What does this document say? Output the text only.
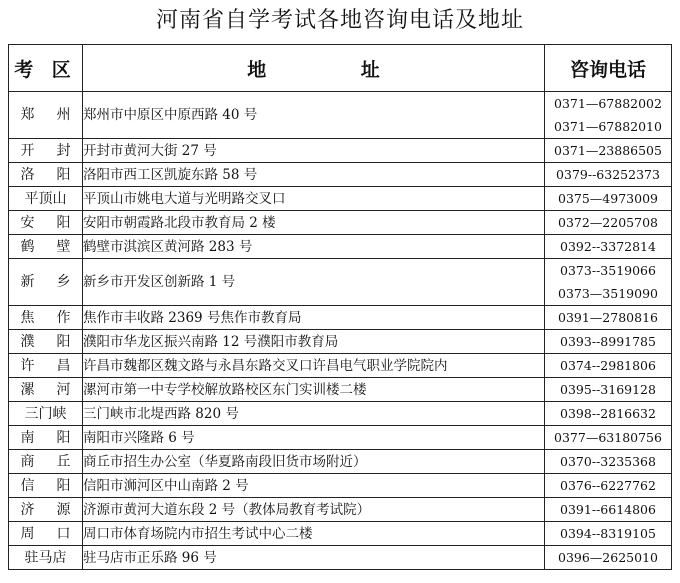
河南省自学考试各地咨询电话及地址
考 区	地 址	咨询电话
郑 州	郑州市中原区中原西路 40 号	0371—67882002
0371—67882010

开 封	开封市黄河大街 27 号	0371—23886505

洛 阳	洛阳市西工区凯旋东路 58 号	0379--63252373

平顶山	平顶山市姚电大道与光明路交叉口	0375—4973009

安 阳	安阳市朝霞路北段市教育局 2 楼	0372—2205708

鹤 壁	鹤壁市淇滨区黄河路 283 号	0392--3372814

新 乡	新乡市开发区创新路 1 号	0373--3519066
0373—3519090

焦 作	焦作市丰收路 2369 号焦作市教育局	0391—2780816

濮 阳	濮阳市华龙区振兴南路 12 号濮阳市教育局	0393--8991785

许 昌	许昌市魏都区魏文路与永昌东路交叉口许昌电气职业学院院内	0374--2981806

漯 河	漯河市第一中专学校解放路校区东门实训楼二楼	0395--3169128

三门峡	三门峡市北堤西路 820 号	0398--2816632

南 阳	南阳市兴隆路 6 号	0377—63180756

商 丘	商丘市招生办公室（华夏路南段旧货市场附近）	0370--3235368

信 阳	信阳市浉河区中山南路 2 号	0376--6227762

济 源	济源市黄河大道东段 2 号（教体局教育考试院）	0391--6614806

周 口	周口市体育场院内市招生考试中心二楼	0394--8319105

驻马店	驻马店市正乐路 96 号	0396—2625010
